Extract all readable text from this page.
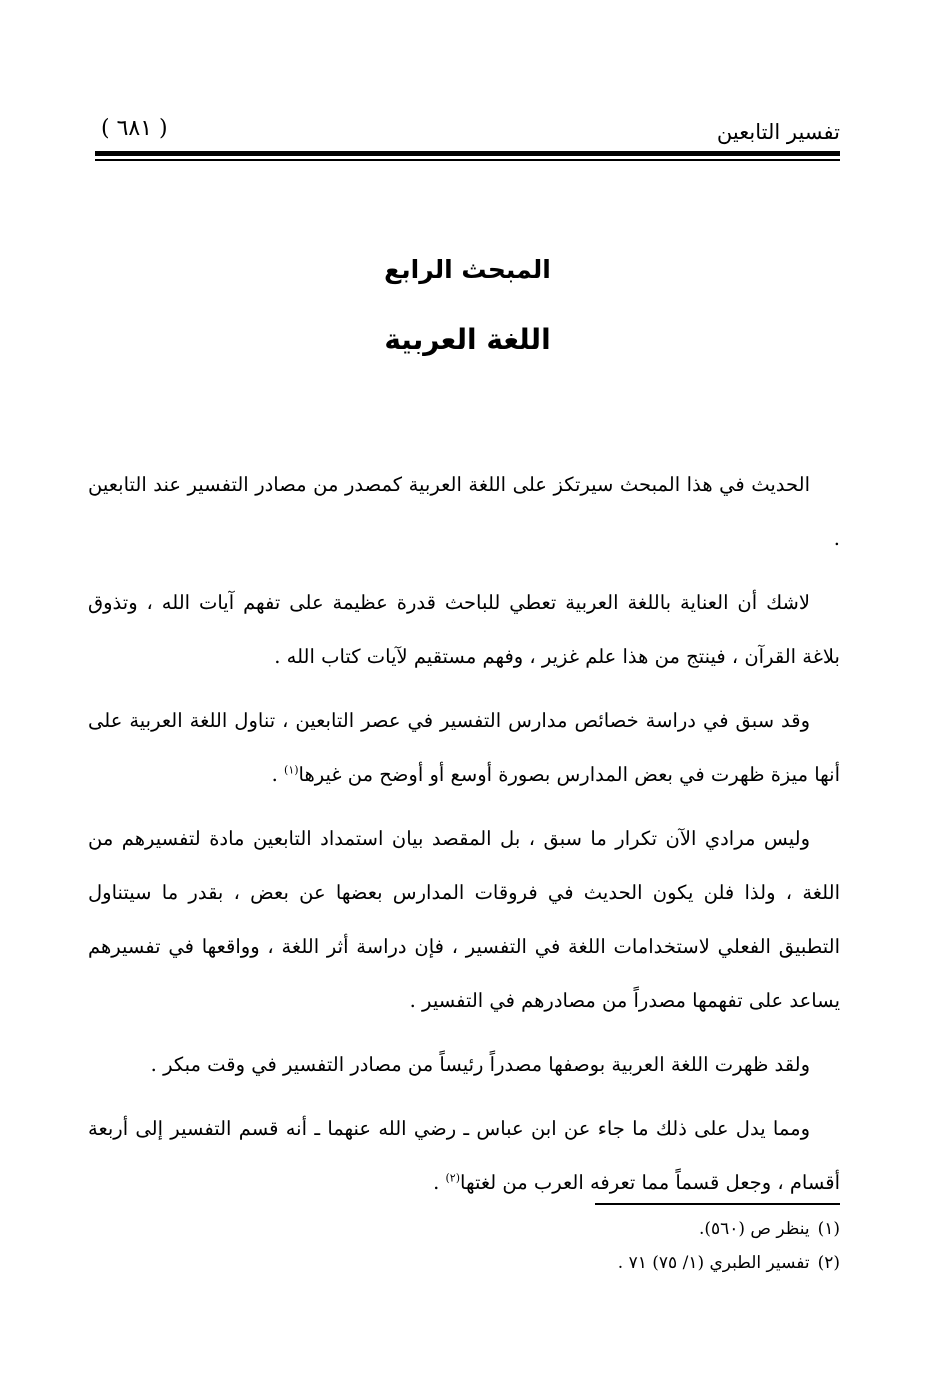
تفسير التابعين
( ٦٨١ )
المبحث الرابع
اللغة العربية

الحديث في هذا المبحث سيرتكز على اللغة العربية كمصدر من مصادر التفسير عند التابعين .

لاشك أن العناية باللغة العربية تعطي للباحث قدرة عظيمة على تفهم آيات الله ، وتذوق بلاغة القرآن ، فينتج من هذا علم غزير ، وفهم مستقيم لآيات كتاب الله .

وقد سبق في دراسة خصائص مدارس التفسير في عصر التابعين ، تناول اللغة العربية على أنها ميزة ظهرت في بعض المدارس بصورة أوسع أو أوضح من غيرها$^{(١)}$ .

وليس مرادي الآن تكرار ما سبق ، بل المقصد بيان استمداد التابعين مادة لتفسيرهم من اللغة ، ولذا فلن يكون الحديث في فروقات المدارس بعضها عن بعض ، بقدر ما سيتناول التطبيق الفعلي لاستخدامات اللغة في التفسير ، فإن دراسة أثر اللغة ، وواقعها في تفسيرهم يساعد على تفهمها مصدراً من مصادرهم في التفسير .

ولقد ظهرت اللغة العربية بوصفها مصدراً رئيساً من مصادر التفسير في وقت مبكر .

ومما يدل على ذلك ما جاء عن ابن عباس ـ رضي الله عنهما ـ أنه قسم التفسير إلى أربعة أقسام ، وجعل قسماً مما تعرفه العرب من لغتها$^{(٢)}$ .

(١)ينظر ص (٥٦٠).
(٢)تفسير الطبري (١/ ٧٥) ٧١ .
